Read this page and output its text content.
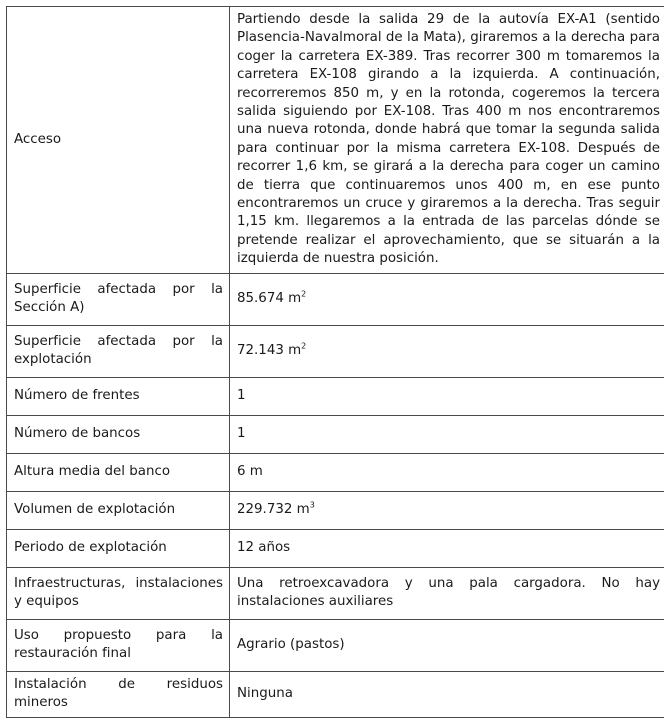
Acceso	Partiendo desde la salida 29 de la autovía EX-A1 (sentido Plasencia-Navalmoral de la Mata), giraremos a la derecha para coger la carretera EX-389. Tras recorrer 300 m tomaremos la carretera EX-108 girando a la izquierda. A continuación, recorreremos 850 m, y en la rotonda, cogeremos la tercera salida siguiendo por EX-108. Tras 400 m nos encontraremos una nueva rotonda, donde habrá que tomar la segunda salida para continuar por la misma carretera EX-108. Después de recorrer 1,6 km, se girará a la derecha para coger un camino de tierra que continuaremos unos 400 m, en ese punto encontraremos un cruce y giraremos a la derecha. Tras seguir 1,15 km. llegaremos a la entrada de las parcelas dónde se pretende realizar el aprovechamiento, que se situarán a la izquierda de nuestra posición.
Superficie afectada por la Sección A)	85.674 $m^2$
Superficie afectada por la explotación	72.143 $m^2$
Número de frentes	1
Número de bancos	1
Altura media del banco	6 m
Volumen de explotación	229.732 $m^3$
Periodo de explotación	12 años
Infraestructuras, instalaciones y equipos	Una retroexcavadora y una pala cargadora. No hay instalaciones auxiliares
Uso propuesto para la restauración final	Agrario (pastos)
Instalación de residuos mineros	Ninguna
